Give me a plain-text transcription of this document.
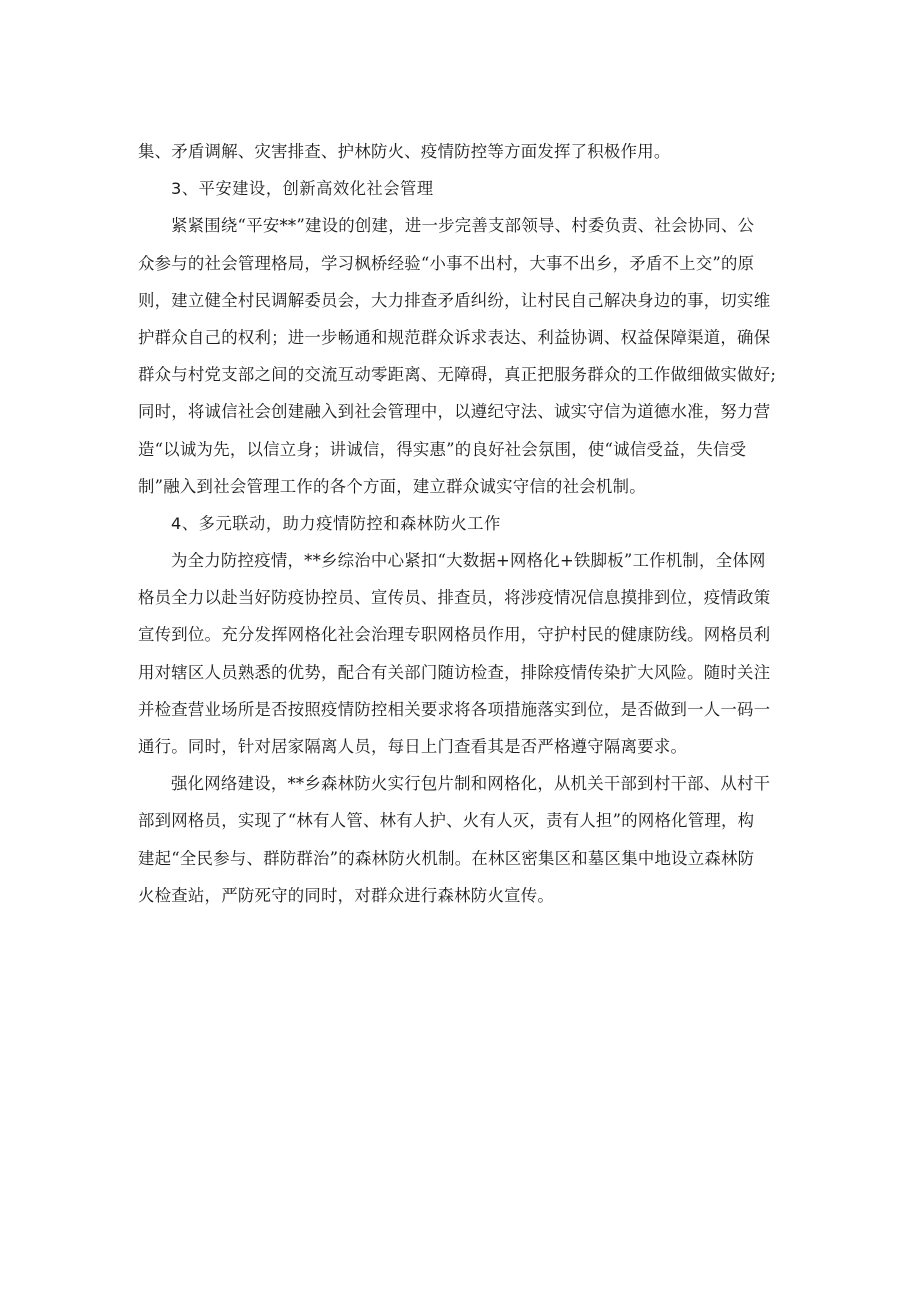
集、矛盾调解、灾害排查、护林防火、疫情防控等方面发挥了积极作用。
3、平安建设，创新高效化社会管理
紧紧围绕“平安**”建设的创建，进一步完善支部领导、村委负责、社会协同、公
众参与的社会管理格局，学习枫桥经验“小事不出村，大事不出乡，矛盾不上交”的原
则，建立健全村民调解委员会，大力排查矛盾纠纷，让村民自己解决身边的事，切实维
护群众自己的权利；进一步畅通和规范群众诉求表达、利益协调、权益保障渠道，确保
群众与村党支部之间的交流互动零距离、无障碍，真正把服务群众的工作做细做实做好;
同时，将诚信社会创建融入到社会管理中，以遵纪守法、诚实守信为道德水准，努力营
造“以诚为先，以信立身；讲诚信，得实惠”的良好社会氛围，使“诚信受益，失信受
制”融入到社会管理工作的各个方面，建立群众诚实守信的社会机制。
4、多元联动，助力疫情防控和森林防火工作
为全力防控疫情，**乡综治中心紧扣“大数据+网格化+铁脚板”工作机制，全体网
格员全力以赴当好防疫协控员、宣传员、排查员，将涉疫情况信息摸排到位，疫情政策
宣传到位。充分发挥网格化社会治理专职网格员作用，守护村民的健康防线。网格员利
用对辖区人员熟悉的优势，配合有关部门随访检查，排除疫情传染扩大风险。随时关注
并检查营业场所是否按照疫情防控相关要求将各项措施落实到位，是否做到一人一码一
通行。同时，针对居家隔离人员，每日上门查看其是否严格遵守隔离要求。
强化网络建设，**乡森林防火实行包片制和网格化，从机关干部到村干部、从村干
部到网格员，实现了“林有人管、林有人护、火有人灭，责有人担”的网格化管理，构
建起“全民参与、群防群治”的森林防火机制。在林区密集区和墓区集中地设立森林防
火检查站，严防死守的同时，对群众进行森林防火宣传。
